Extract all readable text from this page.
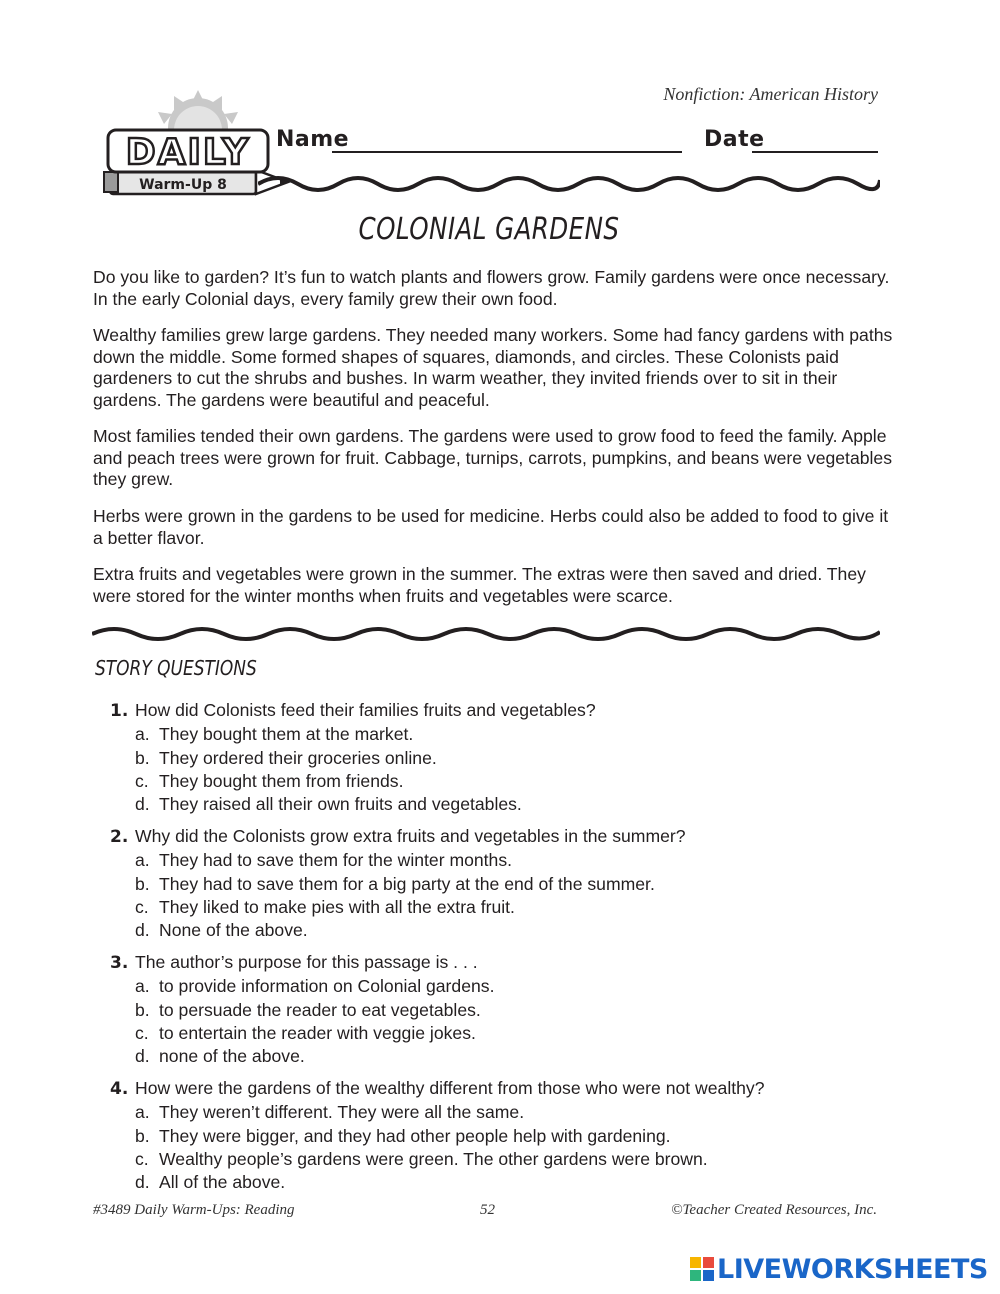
Nonfiction: American History
DAILY
Warm-Up 8
Name	Date
COLONIAL GARDENS

Do you like to garden? It’s fun to watch plants and flowers grow. Family gardens were once necessary. In the early Colonial days, every family grew their own food.

Wealthy families grew large gardens. They needed many workers. Some had fancy gardens with paths down the middle. Some formed shapes of squares, diamonds, and circles. These Colonists paid gardeners to cut the shrubs and bushes. In warm weather, they invited friends over to sit in their gardens. The gardens were beautiful and peaceful.

Most families tended their own gardens. The gardens were used to grow food to feed the family. Apple and peach trees were grown for fruit. Cabbage, turnips, carrots, pumpkins, and beans were vegetables they grew.

Herbs were grown in the gardens to be used for medicine. Herbs could also be added to food to give it a better flavor.

Extra fruits and vegetables were grown in the summer. The extras were then saved and dried. They were stored for the winter months when fruits and vegetables were scarce.

STORY QUESTIONS
1. How did Colonists feed their families fruits and vegetables?
a. They bought them at the market.
b. They ordered their groceries online.
c. They bought them from friends.
d. They raised all their own fruits and vegetables.
2. Why did the Colonists grow extra fruits and vegetables in the summer?
a. They had to save them for the winter months.
b. They had to save them for a big party at the end of the summer.
c. They liked to make pies with all the extra fruit.
d. None of the above.
3. The author’s purpose for this passage is . . .
a. to provide information on Colonial gardens.
b. to persuade the reader to eat vegetables.
c. to entertain the reader with veggie jokes.
d. none of the above.
4. How were the gardens of the wealthy different from those who were not wealthy?
a. They weren’t different. They were all the same.
b. They were bigger, and they had other people help with gardening.
c. Wealthy people’s gardens were green. The other gardens were brown.
d. All of the above.
#3489 Daily Warm-Ups: Reading	52	©Teacher Created Resources, Inc.
LIVEWORKSHEETS
